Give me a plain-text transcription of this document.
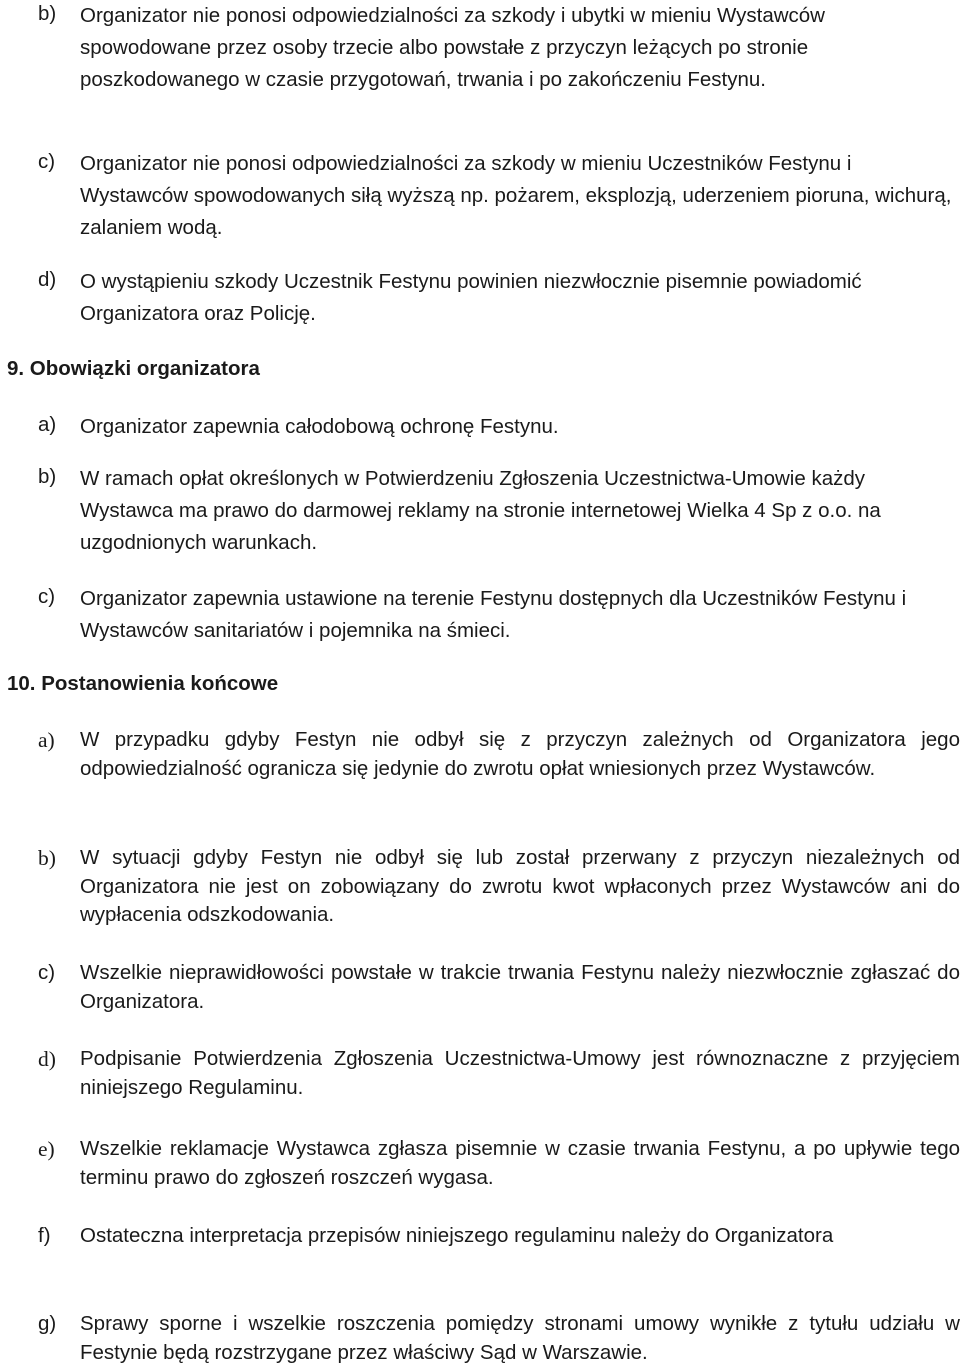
b) Organizator nie ponosi odpowiedzialności za szkody i ubytki w mieniu Wystawców spowodowane przez osoby trzecie albo powstałe z przyczyn leżących po stronie poszkodowanego w czasie przygotowań, trwania i po zakończeniu Festynu.
c) Organizator nie ponosi odpowiedzialności za szkody w mieniu Uczestników Festynu i Wystawców spowodowanych siłą wyższą np. pożarem, eksplozją, uderzeniem pioruna, wichurą, zalaniem wodą.
d) O wystąpieniu szkody Uczestnik Festynu powinien niezwłocznie pisemnie powiadomić Organizatora oraz Policję.
9. Obowiązki organizatora
a) Organizator zapewnia całodobową ochronę Festynu.
b) W ramach opłat określonych w Potwierdzeniu Zgłoszenia Uczestnictwa-Umowie każdy Wystawca ma prawo do darmowej reklamy na stronie internetowej Wielka 4 Sp z o.o. na uzgodnionych warunkach.
c) Organizator zapewnia ustawione na terenie Festynu dostępnych dla Uczestników Festynu i Wystawców sanitariatów i pojemnika na śmieci.
10. Postanowienia końcowe
a) W przypadku gdyby Festyn nie odbył się z przyczyn zależnych od Organizatora jego odpowiedzialność ogranicza się jedynie do zwrotu opłat wniesionych przez Wystawców.
b) W sytuacji gdyby Festyn nie odbył się lub został przerwany z przyczyn niezależnych od Organizatora nie jest on zobowiązany do zwrotu kwot wpłaconych przez Wystawców ani do wypłacenia odszkodowania.
c) Wszelkie nieprawidłowości powstałe w trakcie trwania Festynu należy niezwłocznie zgłaszać do Organizatora.
d) Podpisanie Potwierdzenia Zgłoszenia Uczestnictwa-Umowy jest równoznaczne z przyjęciem niniejszego Regulaminu.
e) Wszelkie reklamacje Wystawca zgłasza pisemnie w czasie trwania Festynu, a po upływie tego terminu prawo do zgłoszeń roszczeń wygasa.
f) Ostateczna interpretacja przepisów niniejszego regulaminu należy do Organizatora
g) Sprawy sporne i wszelkie roszczenia pomiędzy stronami umowy wynikłe z tytułu udziału w Festynie będą rozstrzygane przez właściwy Sąd w Warszawie.
